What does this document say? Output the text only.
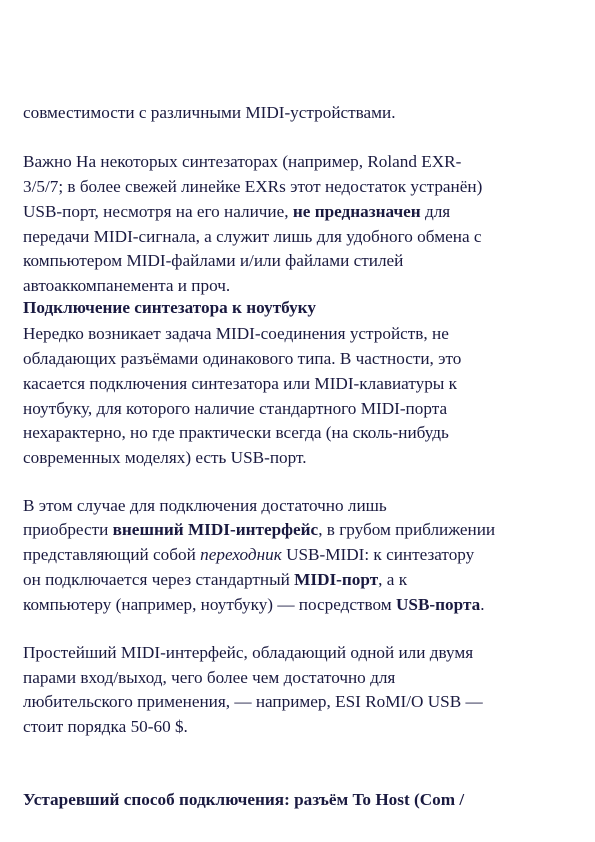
совместимости с различными MIDI-устройствами.
Важно На некоторых синтезаторах (например, Roland EXR-
3/5/7; в более свежей линейке EXRs этот недостаток устранён)
USB-порт, несмотря на его наличие, не предназначен для
передачи MIDI-сигнала, а служит лишь для удобного обмена с
компьютером MIDI-файлами и/или файлами стилей
автоаккомпанемента и проч.
Подключение синтезатора к ноутбуку
Нередко возникает задача MIDI-соединения устройств, не
обладающих разъёмами одинакового типа. В частности, это
касается подключения синтезатора или MIDI-клавиатуры к
ноутбуку, для которого наличие стандартного MIDI-порта
нехарактерно, но где практически всегда (на сколь-нибудь
современных моделях) есть USB-порт.
В этом случае для подключения достаточно лишь
приобрести внешний MIDI-интерфейс, в грубом приближении
представляющий собой переходник USB-MIDI: к синтезатору
он подключается через стандартный MIDI-порт, а к
компьютеру (например, ноутбуку) — посредством USB-порта.
Простейший MIDI-интерфейс, обладающий одной или двумя
парами вход/выход, чего более чем достаточно для
любительского применения, — например, ESI RoMI/O USB —
стоит порядка 50-60 $.
Устаревший способ подключения: разъём To Host (Com /
